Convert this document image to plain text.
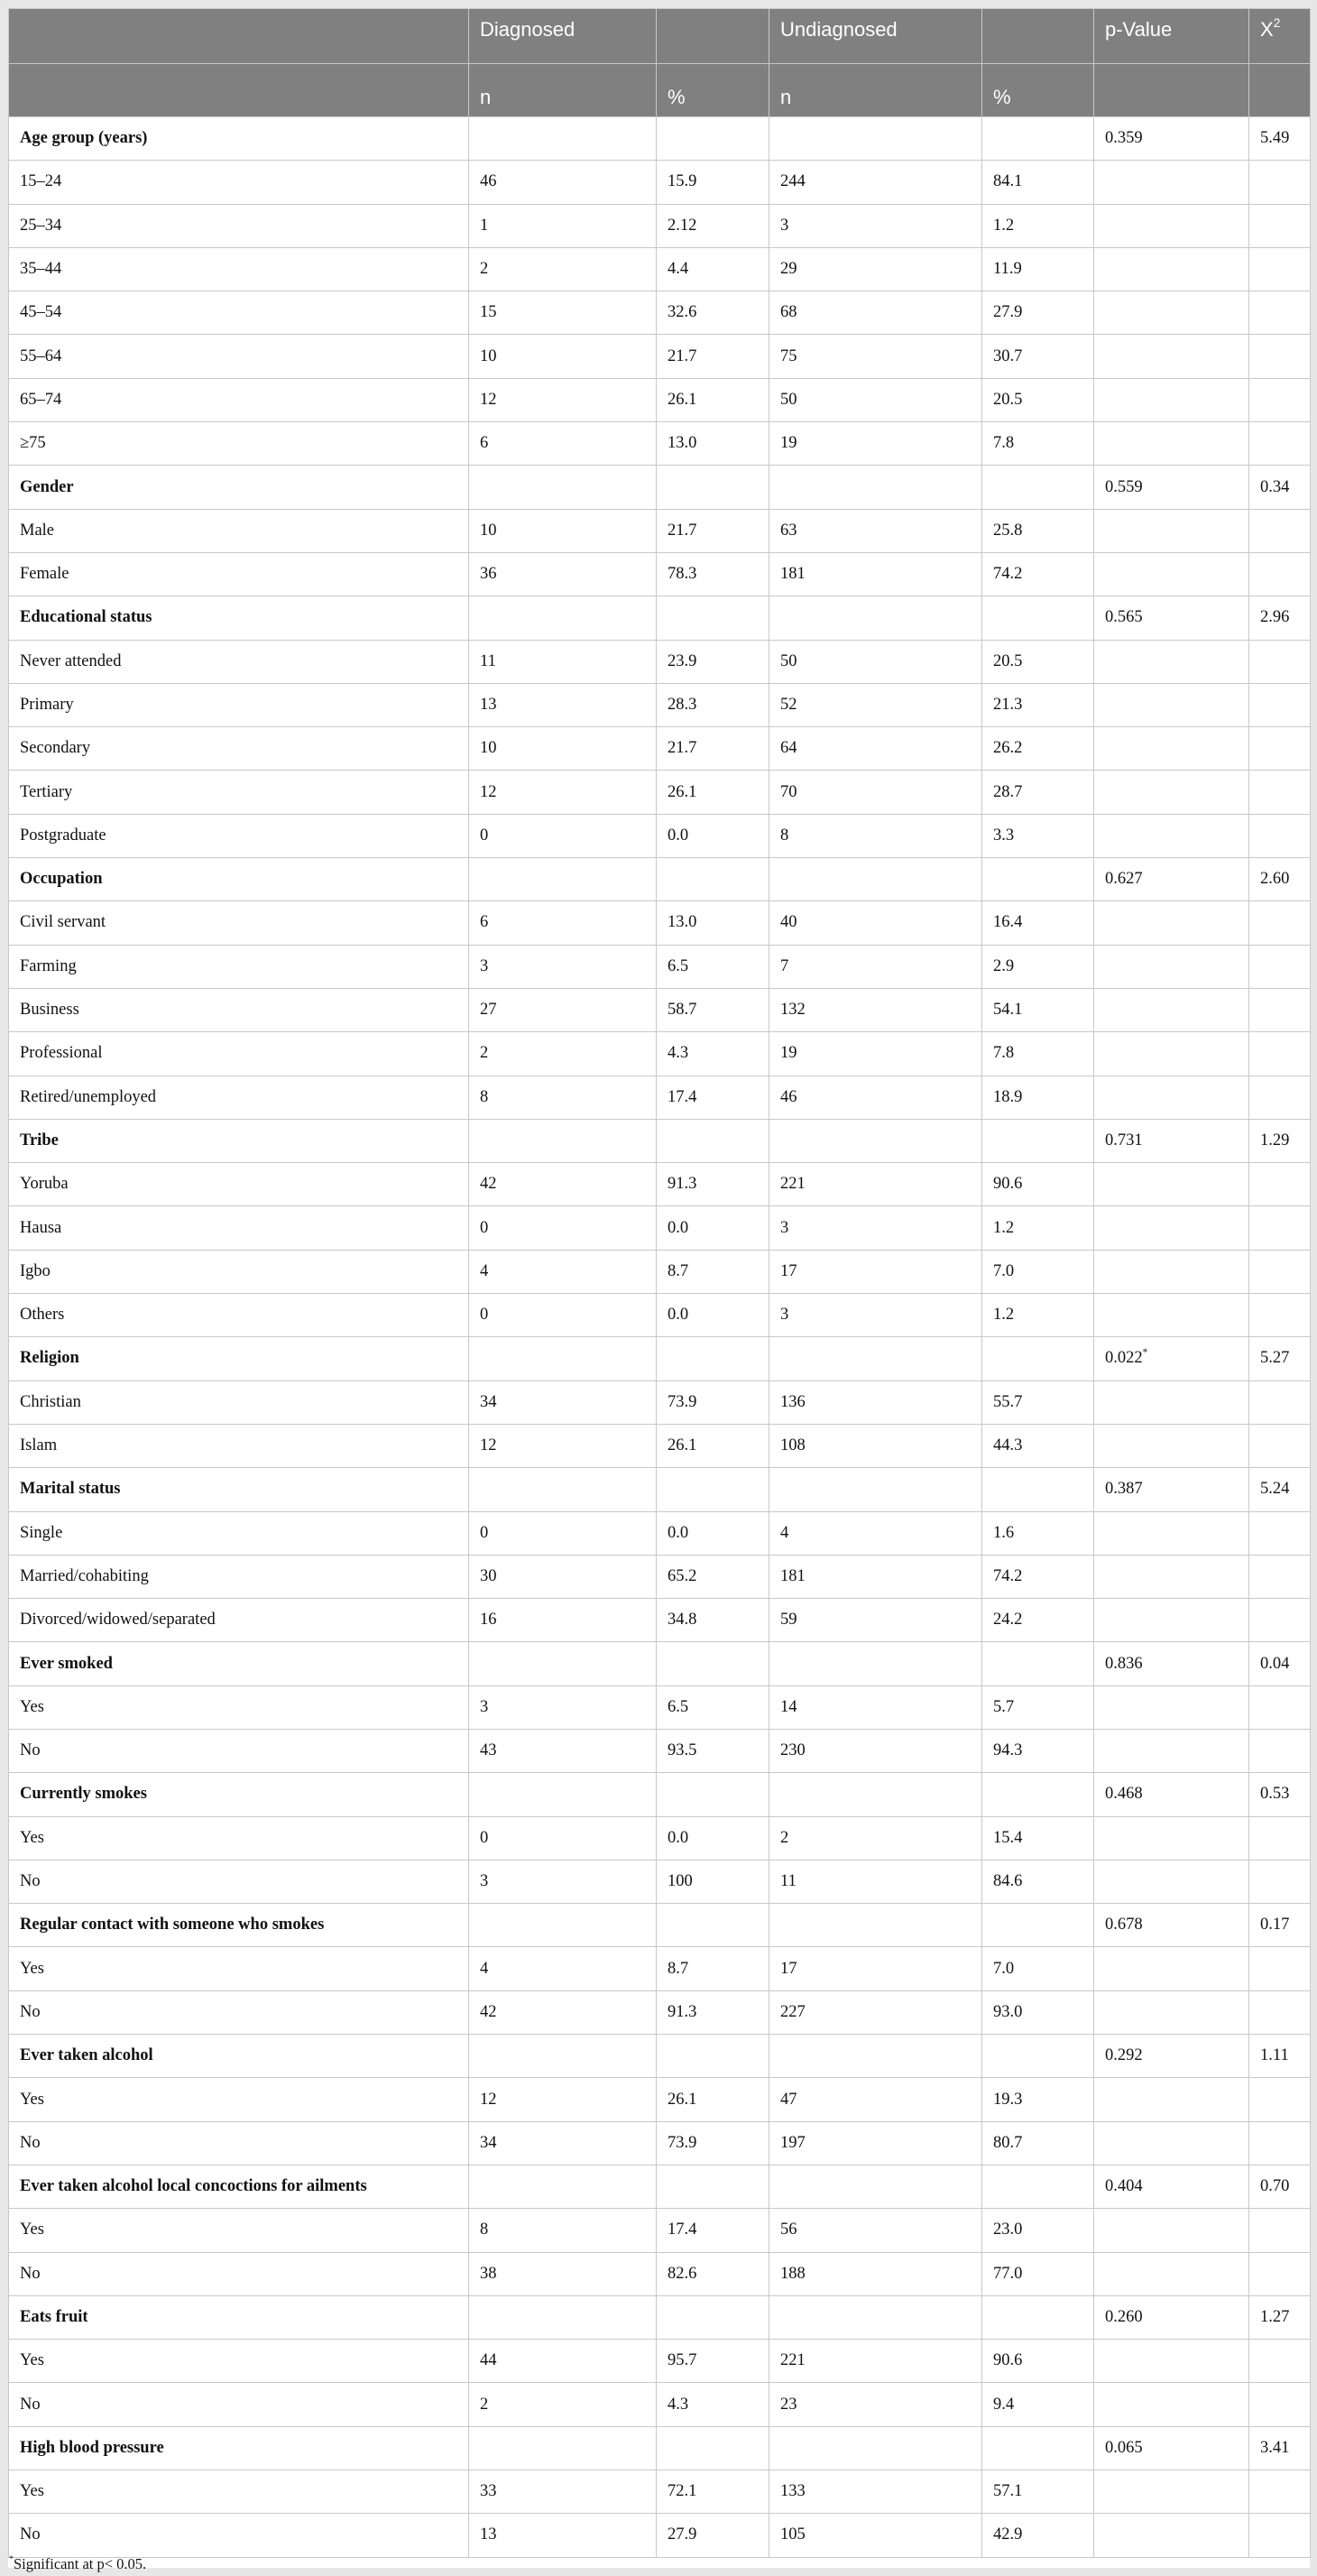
	Diagnosed		Undiagnosed		p-Value	$X^2$
	n	%	n	%		
Age group (years)					0.359	5.49
15–24	46	15.9	244	84.1		
25–34	1	2.12	3	1.2		
35–44	2	4.4	29	11.9		
45–54	15	32.6	68	27.9		
55–64	10	21.7	75	30.7		
65–74	12	26.1	50	20.5		
≥75	6	13.0	19	7.8		
Gender					0.559	0.34
Male	10	21.7	63	25.8		
Female	36	78.3	181	74.2		
Educational status					0.565	2.96
Never attended	11	23.9	50	20.5		
Primary	13	28.3	52	21.3		
Secondary	10	21.7	64	26.2		
Tertiary	12	26.1	70	28.7		
Postgraduate	0	0.0	8	3.3		
Occupation					0.627	2.60
Civil servant	6	13.0	40	16.4		
Farming	3	6.5	7	2.9		
Business	27	58.7	132	54.1		
Professional	2	4.3	19	7.8		
Retired/unemployed	8	17.4	46	18.9		
Tribe					0.731	1.29
Yoruba	42	91.3	221	90.6		
Hausa	0	0.0	3	1.2		
Igbo	4	8.7	17	7.0		
Others	0	0.0	3	1.2		
Religion					0.022*	5.27
Christian	34	73.9	136	55.7		
Islam	12	26.1	108	44.3		
Marital status					0.387	5.24
Single	0	0.0	4	1.6		
Married/cohabiting	30	65.2	181	74.2		
Divorced/widowed/separated	16	34.8	59	24.2		
Ever smoked					0.836	0.04
Yes	3	6.5	14	5.7		
No	43	93.5	230	94.3		
Currently smokes					0.468	0.53
Yes	0	0.0	2	15.4		
No	3	100	11	84.6		
Regular contact with someone who smokes					0.678	0.17
Yes	4	8.7	17	7.0		
No	42	91.3	227	93.0		
Ever taken alcohol					0.292	1.11
Yes	12	26.1	47	19.3		
No	34	73.9	197	80.7		
Ever taken alcohol local concoctions for ailments					0.404	0.70
Yes	8	17.4	56	23.0		
No	38	82.6	188	77.0		
Eats fruit					0.260	1.27
Yes	44	95.7	221	90.6		
No	2	4.3	23	9.4		
High blood pressure					0.065	3.41
Yes	33	72.1	133	57.1		
No	13	27.9	105	42.9		
*Significant at p< 0.05.
